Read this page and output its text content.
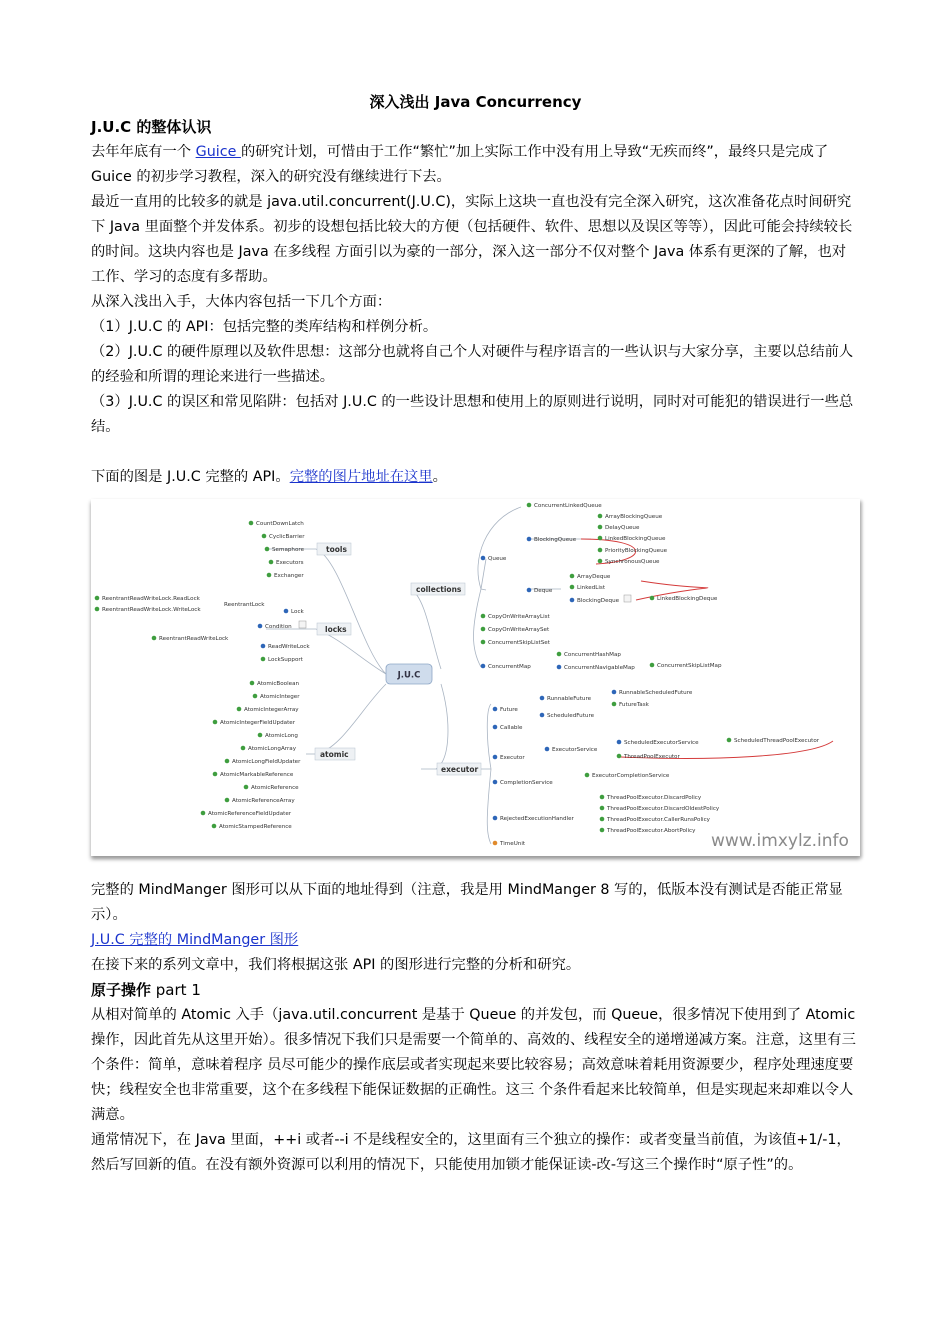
深入浅出 Java Concurrency
J.U.C 的整体认识

去年年底有一个 Guice 的研究计划，可惜由于工作“繁忙”加上实际工作中没有用上导致“无疾而终”，最终只是完成了 Guice 的初步学习教程，深入的研究没有继续进行下去。

最近一直用的比较多的就是 java.util.concurrent(J.U.C)，实际上这块一直也没有完全深入研究，这次准备花点时间研究下 Java 里面整个并发体系。初步的设想包括比较大的方便（包括硬件、软件、思想以及误区等等），因此可能会持续较长的时间。这块内容也是 Java 在多线程 方面引以为豪的一部分，深入这一部分不仅对整个 Java 体系有更深的了解，也对工作、学习的态度有多帮助。

从深入浅出入手，大体内容包括一下几个方面：

（1）J.U.C 的 API：包括完整的类库结构和样例分析。

（2）J.U.C 的硬件原理以及软件思想：这部分也就将自己个人对硬件与程序语言的一些认识与大家分享，主要以总结前人的经验和所谓的理论来进行一些描述。

（3）J.U.C 的误区和常见陷阱：包括对 J.U.C 的一些设计思想和使用上的原则进行说明，同时对可能犯的错误进行一些总结。

下面的图是 J.U.C 完整的 API。完整的图片地址在这里。

J.U.C
tools
locks
atomic
collections
executor
CountDownLatch
CyclicBarrier
Semaphore
Executors
Exchanger
ReentrantReadWriteLock.ReadLock
ReentrantReadWriteLock.WriteLock
ReentrantLock
Lock
Condition
ReentrantReadWriteLock
ReadWriteLock
LockSupport
AtomicBoolean
AtomicInteger
AtomicIntegerArray
AtomicIntegerFieldUpdater
AtomicLong
AtomicLongArray
AtomicLongFieldUpdater
AtomicMarkableReference
AtomicReference
AtomicReferenceArray
AtomicReferenceFieldUpdater
AtomicStampedReference
ConcurrentLinkedQueue
Queue
BlockingQueue
ArrayBlockingQueue
DelayQueue
LinkedBlockingQueue
PriorityBlockingQueue
SynchronousQueue
Deque
ArrayDeque
LinkedList
BlockingDeque	LinkedBlockingDeque
CopyOnWriteArrayList
CopyOnWriteArraySet
ConcurrentSkipListSet
ConcurrentMap
ConcurrentHashMap
ConcurrentNavigableMap	ConcurrentSkipListMap
Future
RunnableFuture
RunnableScheduledFuture
FutureTask
ScheduledFuture
Callable
Executor
ExecutorService
ScheduledExecutorService	ScheduledThreadPoolExecutor
ThreadPoolExecutor
CompletionService
ExecutorCompletionService
RejectedExecutionHandler
ThreadPoolExecutor.DiscardPolicy
ThreadPoolExecutor.DiscardOldestPolicy
ThreadPoolExecutor.CallerRunsPolicy
ThreadPoolExecutor.AbortPolicy
TimeUnit	www.imxylz.info

完整的 MindManger 图形可以从下面的地址得到（注意，我是用 MindManger 8 写的，低版本没有测试是否能正常显示）。

J.U.C 完整的 MindManger 图形

在接下来的系列文章中，我们将根据这张 API 的图形进行完整的分析和研究。

原子操作 part 1

从相对简单的 Atomic 入手（java.util.concurrent 是基于 Queue 的并发包，而 Queue，很多情况下使用到了 Atomic 操作，因此首先从这里开始）。很多情况下我们只是需要一个简单的、高效的、线程安全的递增递减方案。注意，这里有三个条件：简单，意味着程序 员尽可能少的操作底层或者实现起来要比较容易；高效意味着耗用资源要少，程序处理速度要快；线程安全也非常重要，这个在多线程下能保证数据的正确性。这三 个条件看起来比较简单，但是实现起来却难以令人满意。

通常情况下，在 Java 里面，++i 或者--i 不是线程安全的，这里面有三个独立的操作：或者变量当前值，为该值+1/-1，然后写回新的值。在没有额外资源可以利用的情况下，只能使用加锁才能保证读-改-写这三个操作时“原子性”的。
